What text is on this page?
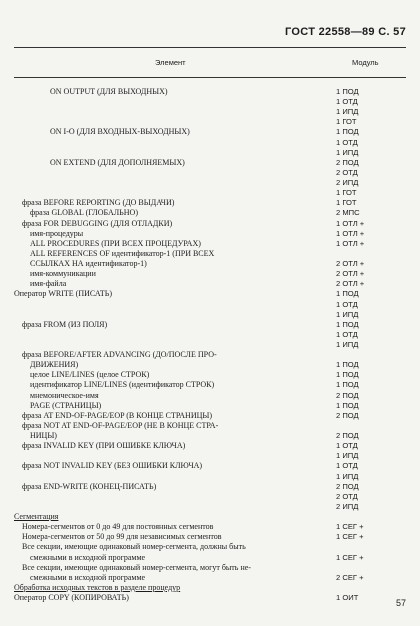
ГОСТ 22558—89 С. 57
Элемент	Модуль
ON OUTPUT (ДЛЯ ВЫХОДНЫХ)	1 ПОД
1 ОТД
1 ИПД
1 ГОТ
ON I-O (ДЛЯ ВХОДНЫХ-ВЫХОДНЫХ)	1 ПОД
1 ОТД
1 ИПД
ON EXTEND (ДЛЯ ДОПОЛНЯЕМЫХ)	2 ПОД
2 ОТД
2 ИПД
1 ГОТ
фраза BEFORE REPORTING (ДО ВЫДАЧИ)	1 ГОТ
фраза GLOBAL (ГЛОБАЛЬНО)	2 МПС
фраза FOR DEBUGGING (ДЛЯ ОТЛАДКИ)	1 ОТЛ +
имя-процедуры	1 ОТЛ +
ALL PROCEDURES (ПРИ ВСЕХ ПРОЦЕДУРАХ)	1 ОТЛ +
ALL REFERENCES OF идентификатор-1 (ПРИ ВСЕХ
ССЫЛКАХ НА идентификатор-1)	2 ОТЛ +
имя-коммуникации	2 ОТЛ +
имя-файла	2 ОТЛ +
Оператор WRITE (ПИСАТЬ)	1 ПОД
1 ОТД
1 ИПД
фраза FROM (ИЗ ПОЛЯ)	1 ПОД
1 ОТД
1 ИПД
фраза BEFORE/AFTER ADVANCING (ДО/ПОСЛЕ ПРО-
ДВИЖЕНИЯ)	1 ПОД
целое LINE/LINES (целое СТРОК)	1 ПОД
идентификатор LINE/LINES (идентификатор СТРОК)	1 ПОД
мнемоническое-имя	2 ПОД
PAGE (СТРАНИЦЫ)	1 ПОД
фраза AT END-OF-PAGE/EOP (В КОНЦЕ СТРАНИЦЫ)	2 ПОД
фраза NOT AT END-OF-PAGE/EOP (НЕ В КОНЦЕ СТРА-
НИЦЫ)	2 ПОД
фраза INVALID KEY (ПРИ ОШИБКЕ КЛЮЧА)	1 ОТД
1 ИПД
фраза NOT INVALID KEY (БЕЗ ОШИБКИ КЛЮЧА)	1 ОТД
1 ИПД
фраза END-WRITE (КОНЕЦ-ПИСАТЬ)	2 ПОД
2 ОТД
2 ИПД
Сегментация
Номера-сегментов от 0 до 49 для постоянных сегментов	1 СЕГ +
Номера-сегментов от 50 до 99 для независимых сегментов	1 СЕГ +
Все секции, имеющие одинаковый номер-сегмента, должны быть
смежными в исходной программе	1 СЕГ +
Все секции, имеющие одинаковый номер-сегмента, могут быть не-
смежными в исходной программе	2 СЕГ +
Обработка исходных текстов в разделе процедур
Оператор COPY (КОПИРОВАТЬ)	1 ОИТ
57
